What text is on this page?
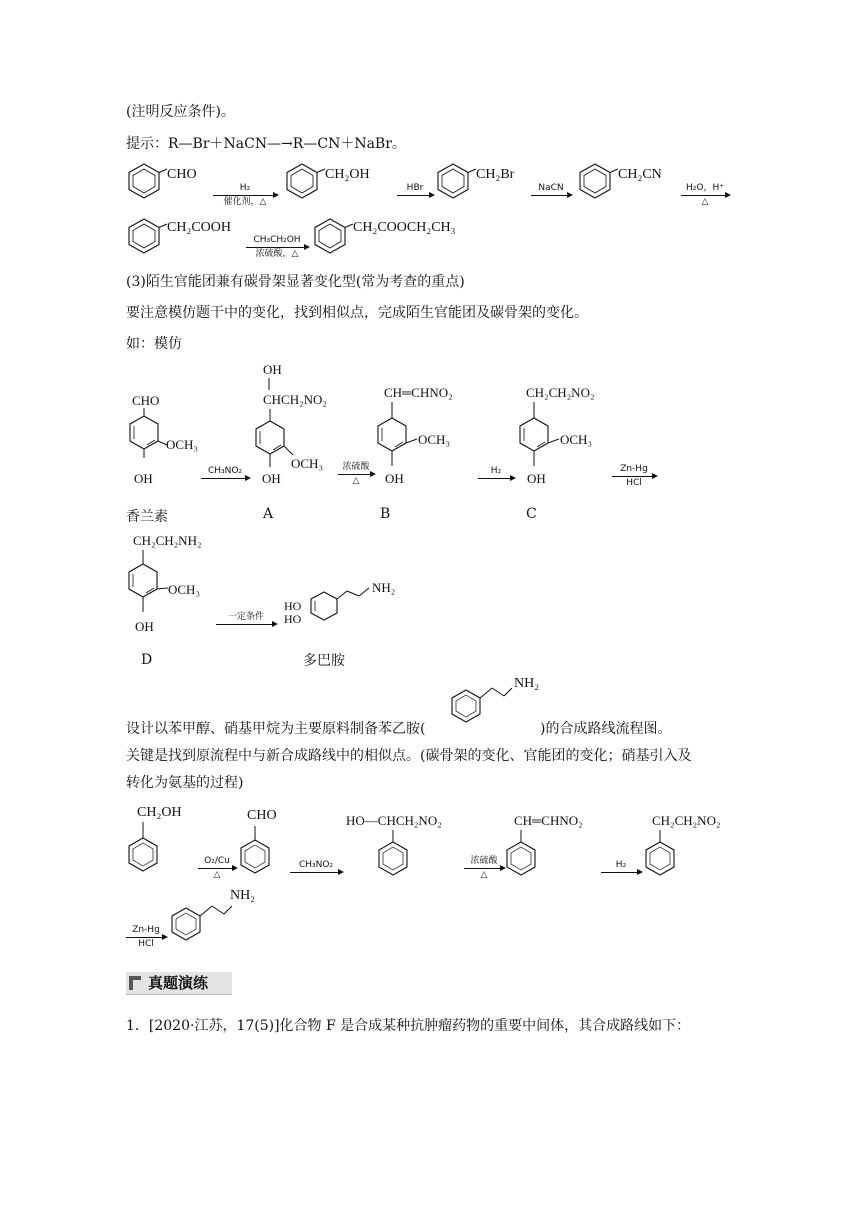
(注明反应条件)。
提示：R—Br＋NaCN—→R—CN＋NaBr。
CHO
H₂
催化剂，△
CH₂OH
HBr
CH₂Br
NaCN
CH₂CN
H₂O，H⁺
△
CH₂COOH
CH₃CH₂OH
浓硫酸，△
CH₂COOCH₂CH₃
(3)陌生官能团兼有碳骨架显著变化型(常为考查的重点)
要注意模仿题干中的变化，找到相似点，完成陌生官能团及碳骨架的变化。
如：模仿
CHO
OCH₃
OH	CH₃NO₂
OH
CHCH₂NO₂
OCH₃
OH
浓硫酸
△
CH═CHNO₂
OCH₃
OH	H₂
CH₂CH₂NO₂
OCH₃
OH
Zn-Hg
HCl
香兰素	A	B	C
CH₂CH₂NH₂
OCH₃
OH
一定条件
HO
HO
NH₂
D	多巴胺
NH₂
设计以苯甲醇、硝基甲烷为主要原料制备苯乙胺(	)的合成路线流程图。
关键是找到原流程中与新合成路线中的相似点。(碳骨架的变化、官能团的变化；硝基引入及
转化为氨基的过程)
CH₂OH
O₂/Cu
△
CHO
CH₃NO₂
HO—CHCH₂NO₂
浓硫酸
△
CH═CHNO₂
H₂
CH₂CH₂NO₂
Zn-Hg
HCl
NH₂
真题演练
1．[2020·江苏，17(5)]化合物 F 是合成某种抗肿瘤药物的重要中间体，其合成路线如下：
